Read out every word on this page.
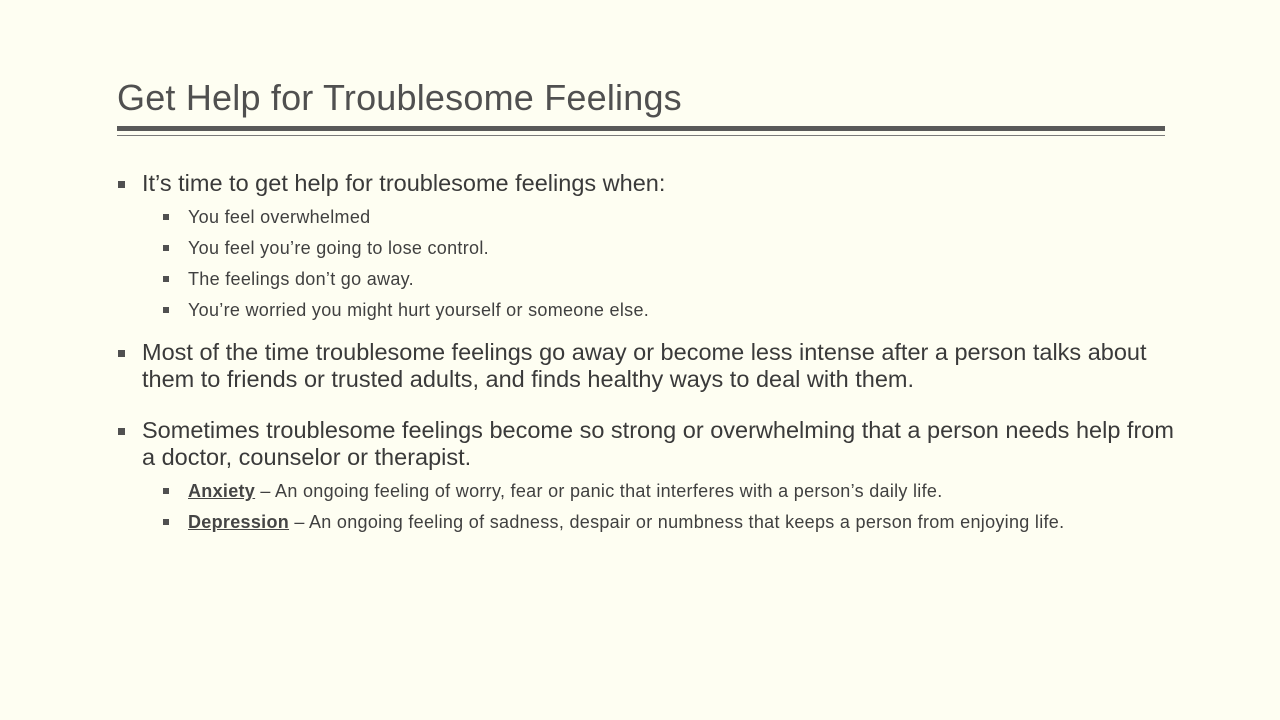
Get Help for Troublesome Feelings
It’s time to get help for troublesome feelings when:
You feel overwhelmed
You feel you’re going to lose control.
The feelings don’t go away.
You’re worried you might hurt yourself or someone else.
Most of the time troublesome feelings go away or become less intense after a person talks about them to friends or trusted adults, and finds healthy ways to deal with them.
Sometimes troublesome feelings become so strong or overwhelming that a person needs help from a doctor, counselor or therapist.
Anxiety – An ongoing feeling of worry, fear or panic that interferes with a person’s daily life.
Depression – An ongoing feeling of sadness, despair or numbness that keeps a person from enjoying life.
